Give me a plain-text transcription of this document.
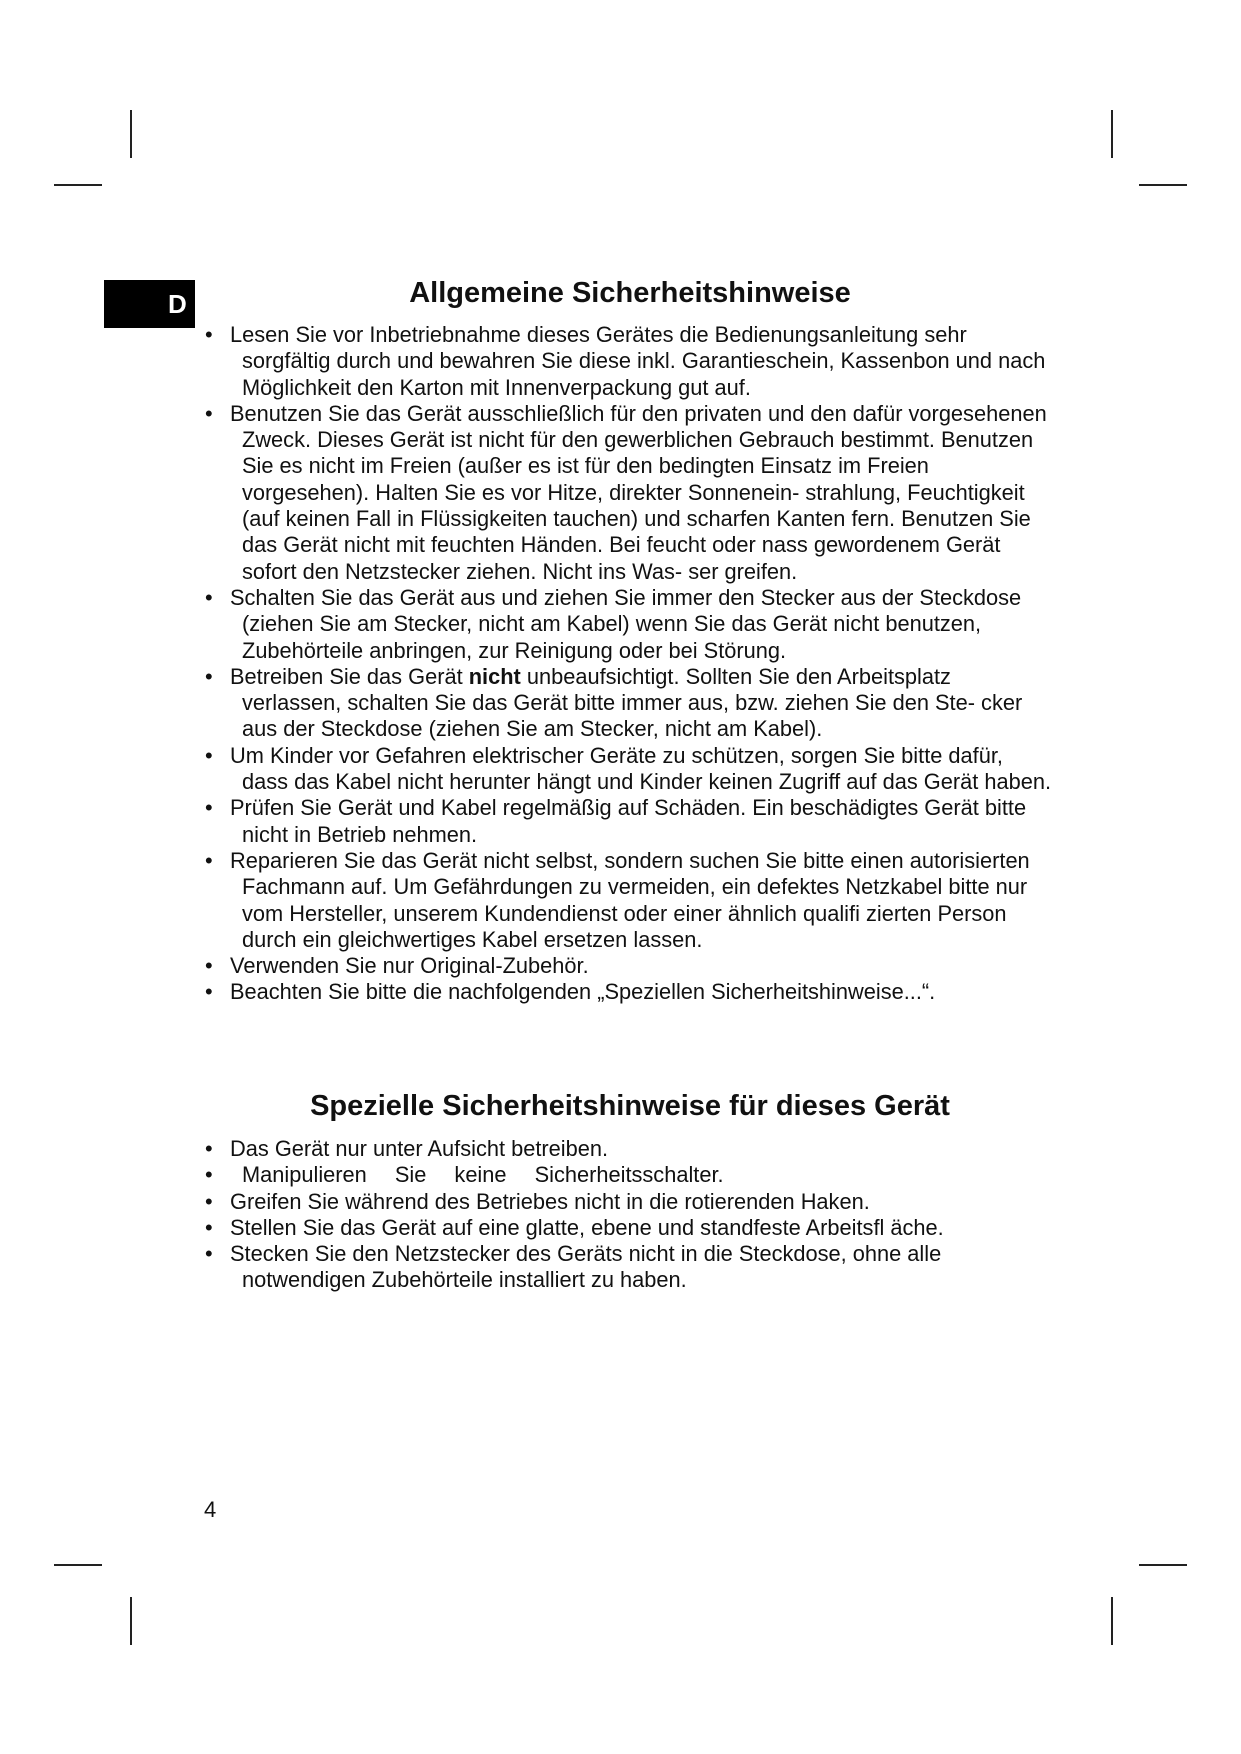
D	Allgemeine Sicherheitshinweise
• Lesen Sie vor Inbetriebnahme dieses Gerätes die Bedienungsanleitung sehr sorgfältig durch und bewahren Sie diese inkl. Garantieschein, Kassenbon und nach Möglichkeit den Karton mit Innenverpackung gut auf.
• Benutzen Sie das Gerät ausschließlich für den privaten und den dafür vorgesehenen Zweck. Dieses Gerät ist nicht für den gewerblichen Gebrauch bestimmt. Benutzen Sie es nicht im Freien (außer es ist für den bedingten Einsatz im Freien vorgesehen). Halten Sie es vor Hitze, direkter Sonnenein- strahlung, Feuchtigkeit (auf keinen Fall in Flüssigkeiten tauchen) und scharfen Kanten fern. Benutzen Sie das Gerät nicht mit feuchten Händen. Bei feucht oder nass gewordenem Gerät sofort den Netzstecker ziehen. Nicht ins Was- ser greifen.
• Schalten Sie das Gerät aus und ziehen Sie immer den Stecker aus der Steckdose (ziehen Sie am Stecker, nicht am Kabel) wenn Sie das Gerät nicht benutzen, Zubehörteile anbringen, zur Reinigung oder bei Störung.
• Betreiben Sie das Gerät nicht unbeaufsichtigt. Sollten Sie den Arbeitsplatz verlassen, schalten Sie das Gerät bitte immer aus, bzw. ziehen Sie den Ste- cker aus der Steckdose (ziehen Sie am Stecker, nicht am Kabel).
• Um Kinder vor Gefahren elektrischer Geräte zu schützen, sorgen Sie bitte dafür, dass das Kabel nicht herunter hängt und Kinder keinen Zugriff auf das Gerät haben.
• Prüfen Sie Gerät und Kabel regelmäßig auf Schäden. Ein beschädigtes Gerät bitte nicht in Betrieb nehmen.
• Reparieren Sie das Gerät nicht selbst, sondern suchen Sie bitte einen autorisierten Fachmann auf. Um Gefährdungen zu vermeiden, ein defektes Netzkabel bitte nur vom Hersteller, unserem Kundendienst oder einer ähnlich qualifi zierten Person durch ein gleichwertiges Kabel ersetzen lassen.
• Verwenden Sie nur Original-Zubehör.
• Beachten Sie bitte die nachfolgenden „Speziellen Sicherheitshinweise...“.
Spezielle Sicherheitshinweise für dieses Gerät
• Das Gerät nur unter Aufsicht betreiben.
•	Manipulieren Sie keine Sicherheitsschalter.
• Greifen Sie während des Betriebes nicht in die rotierenden Haken.
• Stellen Sie das Gerät auf eine glatte, ebene und standfeste Arbeitsfl äche.
• Stecken Sie den Netzstecker des Geräts nicht in die Steckdose, ohne alle notwendigen Zubehörteile installiert zu haben.
4
